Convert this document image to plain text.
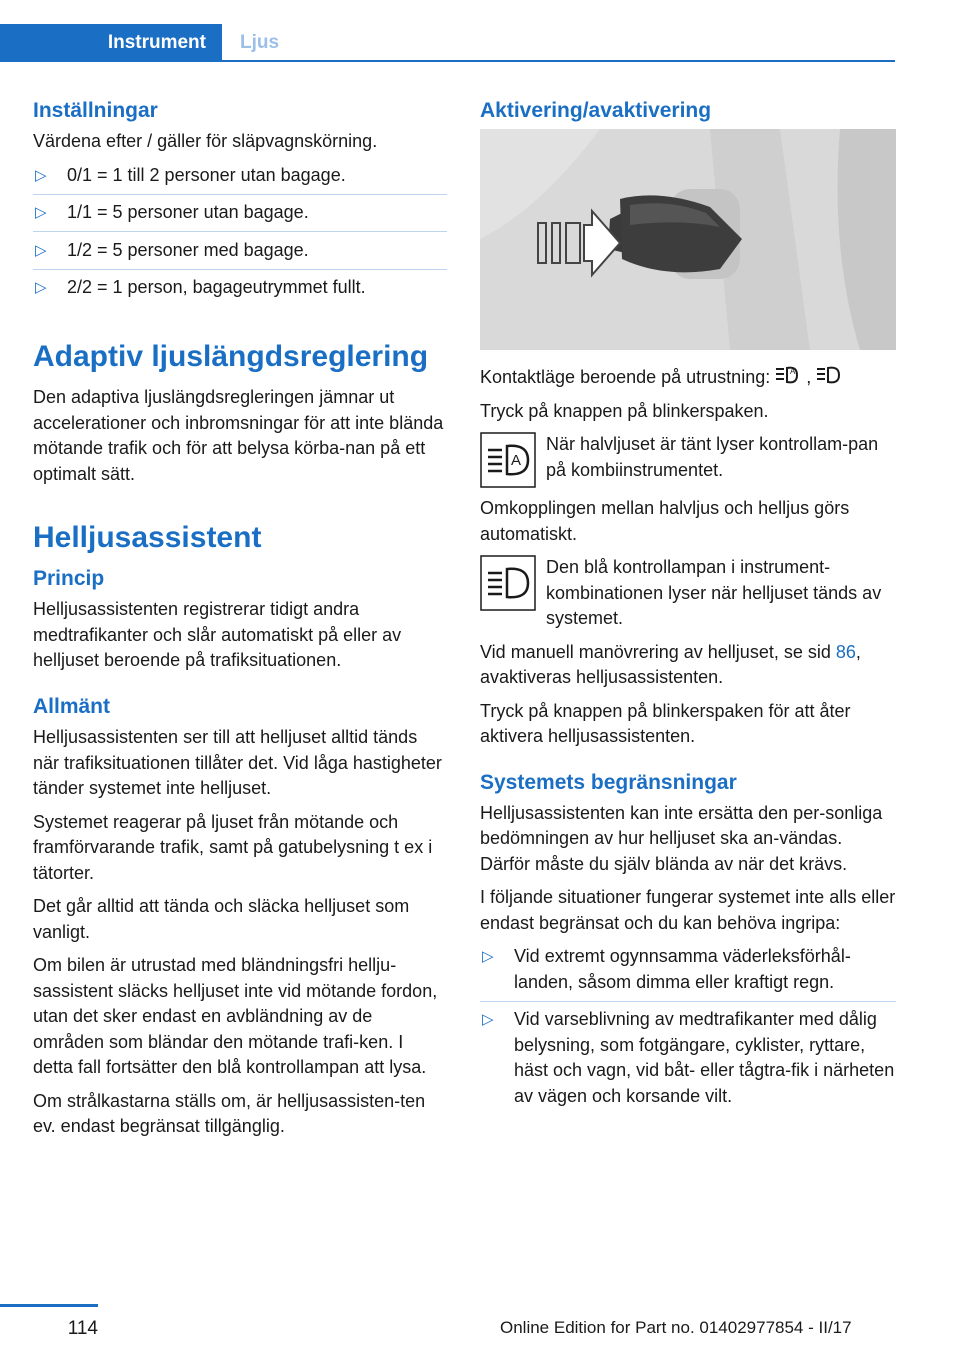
Instrument	Ljus
Inställningar

Värdena efter / gäller för släpvagnskörning.

▷ 0/1 = 1 till 2 personer utan bagage.
▷ 1/1 = 5 personer utan bagage.
▷ 1/2 = 5 personer med bagage.
▷ 2/2 = 1 person, bagageutrymmet fullt.
Adaptiv ljuslängdsreglering

Den adaptiva ljuslängdsregleringen jämnar ut accelerationer och inbromsningar för att inte blända mötande trafik och för att belysa körba-nan på ett optimalt sätt.

Helljusassistent
Princip

Helljusassistenten registrerar tidigt andra medtrafikanter och slår automatiskt på eller av helljuset beroende på trafiksituationen.

Allmänt

Helljusassistenten ser till att helljuset alltid tänds när trafiksituationen tillåter det. Vid låga hastigheter tänder systemet inte helljuset.

Systemet reagerar på ljuset från mötande och framförvarande trafik, samt på gatubelysning t ex i tätorter.

Det går alltid att tända och släcka helljuset som vanligt.

Om bilen är utrustad med bländningsfri hellju-sassistent släcks helljuset inte vid mötande fordon, utan det sker endast en avbländning av de områden som bländar den mötande trafi-ken. I detta fall fortsätter den blå kontrollampan att lysa.

Om strålkastarna ställs om, är helljusassisten-ten ev. endast begränsat tillgänglig.

Aktivering/avaktivering

Kontaktläge beroende på utrustning:	A ,

Tryck på knappen på blinkerspaken.

A

När halvljuset är tänt lyser kontrollam-pan på kombiinstrumentet.

Omkopplingen mellan halvljus och helljus görs automatiskt.

Den blå kontrollampan i instrument-kombinationen lyser när helljuset tänds av systemet.

Vid manuell manövrering av helljuset, se sid 86, avaktiveras helljusassistenten.

Tryck på knappen på blinkerspaken för att åter aktivera helljusassistenten.

Systemets begränsningar

Helljusassistenten kan inte ersätta den per-sonliga bedömningen av hur helljuset ska an-vändas. Därför måste du själv blända av när det krävs.

I följande situationer fungerar systemet inte alls eller endast begränsat och du kan behöva ingripa:

▷ Vid extremt ogynnsamma väderleksförhål-landen, såsom dimma eller kraftigt regn.
▷ Vid varseblivning av medtrafikanter med dålig belysning, som fotgängare, cyklister, ryttare, häst och vagn, vid båt- eller tågtra-fik i närheten av vägen och korsande vilt.
114	Online Edition for Part no. 01402977854 - II/17
